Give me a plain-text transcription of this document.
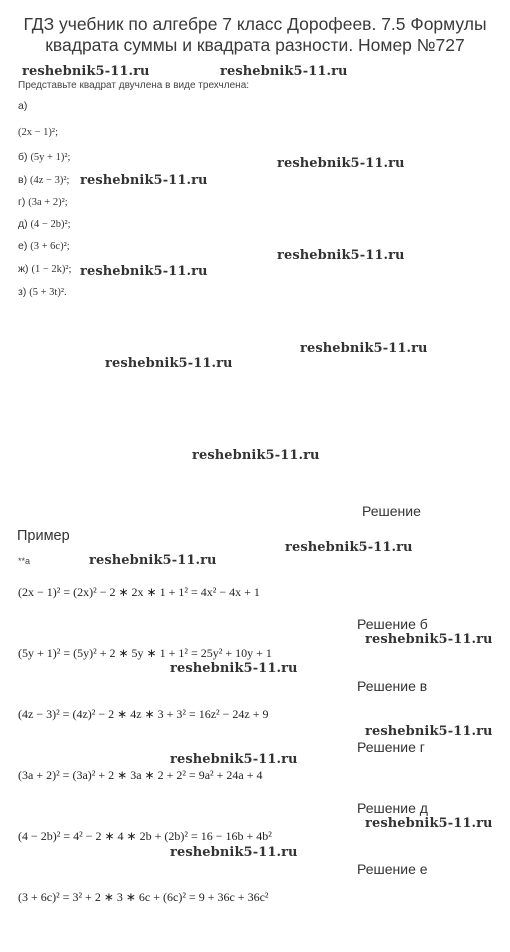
ГДЗ учебник по алгебре 7 класс Дорофеев. 7.5 Формулы квадрата суммы и квадрата разности. Номер №727
reshebnik5-11.ru	reshebnik5-11.ru
reshebnik5-11.ru
reshebnik5-11.ru
reshebnik5-11.ru
reshebnik5-11.ru
reshebnik5-11.ru
reshebnik5-11.ru
reshebnik5-11.ru
reshebnik5-11.ru
reshebnik5-11.ru
reshebnik5-11.ru
reshebnik5-11.ru
reshebnik5-11.ru
reshebnik5-11.ru
reshebnik5-11.ru
reshebnik5-11.ru
Представьте квадрат двучлена в виде трехчлена:
а)
(2x − 1)²;
б) (5y + 1)²;
в) (4z − 3)²;
г) (3a + 2)²;
д) (4 − 2b)²;
е) (3 + 6c)²;
ж) (1 − 2k)²;
з) (5 + 3t)².
Решение
Пример
**а
(2x − 1)² = (2x)² − 2 ∗ 2x ∗ 1 + 1² = 4x² − 4x + 1
Решение б
(5y + 1)² = (5y)² + 2 ∗ 5y ∗ 1 + 1² = 25y² + 10y + 1
Решение в
(4z − 3)² = (4z)² − 2 ∗ 4z ∗ 3 + 3² = 16z² − 24z + 9
Решение г
(3a + 2)² = (3a)² + 2 ∗ 3a ∗ 2 + 2² = 9a² + 24a + 4
Решение д
(4 − 2b)² = 4² − 2 ∗ 4 ∗ 2b + (2b)² = 16 − 16b + 4b²
Решение е
(3 + 6c)² = 3² + 2 ∗ 3 ∗ 6c + (6c)² = 9 + 36c + 36c²
